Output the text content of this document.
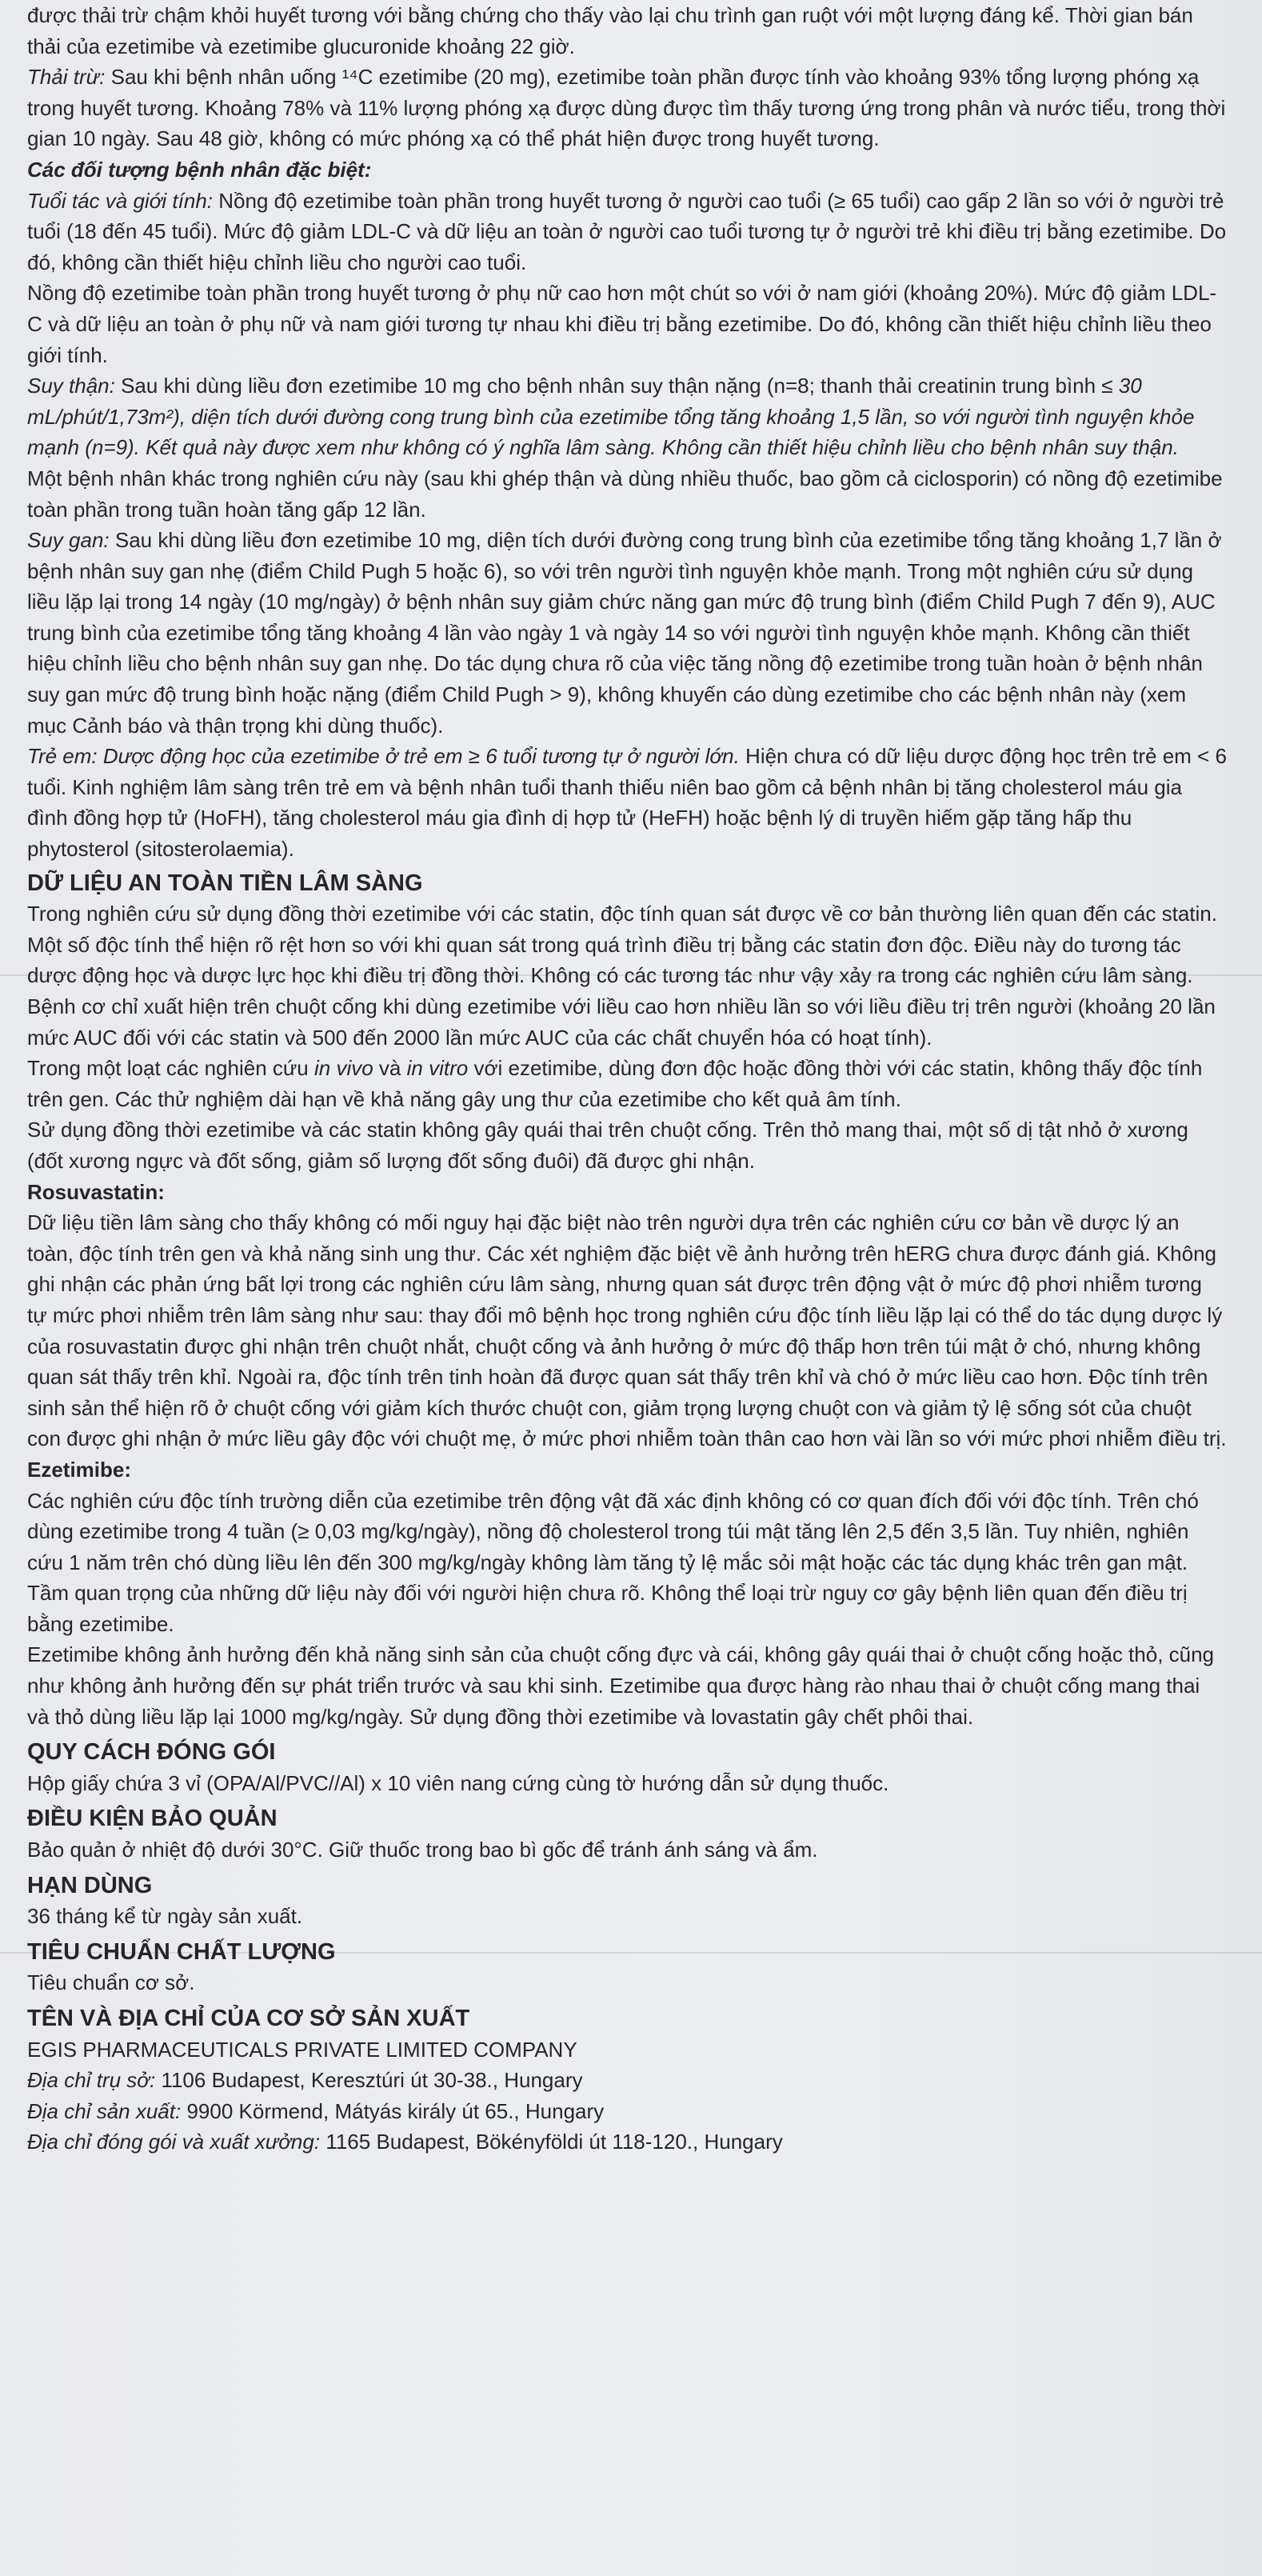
được thải trừ chậm khỏi huyết tương với bằng chứng cho thấy vào lại chu trình gan ruột với một lượng đáng kể. Thời gian bán thải của ezetimibe và ezetimibe glucuronide khoảng 22 giờ.

Thải trừ: Sau khi bệnh nhân uống ¹⁴C ezetimibe (20 mg), ezetimibe toàn phần được tính vào khoảng 93% tổng lượng phóng xạ trong huyết tương. Khoảng 78% và 11% lượng phóng xạ được dùng được tìm thấy tương ứng trong phân và nước tiểu, trong thời gian 10 ngày. Sau 48 giờ, không có mức phóng xạ có thể phát hiện được trong huyết tương.

Các đối tượng bệnh nhân đặc biệt:

Tuổi tác và giới tính: Nồng độ ezetimibe toàn phần trong huyết tương ở người cao tuổi (≥ 65 tuổi) cao gấp 2 lần so với ở người trẻ tuổi (18 đến 45 tuổi). Mức độ giảm LDL-C và dữ liệu an toàn ở người cao tuổi tương tự ở người trẻ khi điều trị bằng ezetimibe. Do đó, không cần thiết hiệu chỉnh liều cho người cao tuổi.

Nồng độ ezetimibe toàn phần trong huyết tương ở phụ nữ cao hơn một chút so với ở nam giới (khoảng 20%). Mức độ giảm LDL-C và dữ liệu an toàn ở phụ nữ và nam giới tương tự nhau khi điều trị bằng ezetimibe. Do đó, không cần thiết hiệu chỉnh liều theo giới tính.

Suy thận: Sau khi dùng liều đơn ezetimibe 10 mg cho bệnh nhân suy thận nặng (n=8; thanh thải creatinin trung bình ≤ 30 mL/phút/1,73m²), diện tích dưới đường cong trung bình của ezetimibe tổng tăng khoảng 1,5 lần, so với người tình nguyện khỏe mạnh (n=9). Kết quả này được xem như không có ý nghĩa lâm sàng. Không cần thiết hiệu chỉnh liều cho bệnh nhân suy thận.

Một bệnh nhân khác trong nghiên cứu này (sau khi ghép thận và dùng nhiều thuốc, bao gồm cả ciclosporin) có nồng độ ezetimibe toàn phần trong tuần hoàn tăng gấp 12 lần.

Suy gan: Sau khi dùng liều đơn ezetimibe 10 mg, diện tích dưới đường cong trung bình của ezetimibe tổng tăng khoảng 1,7 lần ở bệnh nhân suy gan nhẹ (điểm Child Pugh 5 hoặc 6), so với trên người tình nguyện khỏe mạnh. Trong một nghiên cứu sử dụng liều lặp lại trong 14 ngày (10 mg/ngày) ở bệnh nhân suy giảm chức năng gan mức độ trung bình (điểm Child Pugh 7 đến 9), AUC trung bình của ezetimibe tổng tăng khoảng 4 lần vào ngày 1 và ngày 14 so với người tình nguyện khỏe mạnh. Không cần thiết hiệu chỉnh liều cho bệnh nhân suy gan nhẹ. Do tác dụng chưa rõ của việc tăng nồng độ ezetimibe trong tuần hoàn ở bệnh nhân suy gan mức độ trung bình hoặc nặng (điểm Child Pugh > 9), không khuyến cáo dùng ezetimibe cho các bệnh nhân này (xem mục Cảnh báo và thận trọng khi dùng thuốc).

Trẻ em: Dược động học của ezetimibe ở trẻ em ≥ 6 tuổi tương tự ở người lớn. Hiện chưa có dữ liệu dược động học trên trẻ em < 6 tuổi. Kinh nghiệm lâm sàng trên trẻ em và bệnh nhân tuổi thanh thiếu niên bao gồm cả bệnh nhân bị tăng cholesterol máu gia đình đồng hợp tử (HoFH), tăng cholesterol máu gia đình dị hợp tử (HeFH) hoặc bệnh lý di truyền hiếm gặp tăng hấp thu phytosterol (sitosterolaemia).

DỮ LIỆU AN TOÀN TIỀN LÂM SÀNG

Trong nghiên cứu sử dụng đồng thời ezetimibe với các statin, độc tính quan sát được về cơ bản thường liên quan đến các statin. Một số độc tính thể hiện rõ rệt hơn so với khi quan sát trong quá trình điều trị bằng các statin đơn độc. Điều này do tương tác dược động học và dược lực học khi điều trị đồng thời. Không có các tương tác như vậy xảy ra trong các nghiên cứu lâm sàng. Bệnh cơ chỉ xuất hiện trên chuột cống khi dùng ezetimibe với liều cao hơn nhiều lần so với liều điều trị trên người (khoảng 20 lần mức AUC đối với các statin và 500 đến 2000 lần mức AUC của các chất chuyển hóa có hoạt tính).

Trong một loạt các nghiên cứu in vivo và in vitro với ezetimibe, dùng đơn độc hoặc đồng thời với các statin, không thấy độc tính trên gen. Các thử nghiệm dài hạn về khả năng gây ung thư của ezetimibe cho kết quả âm tính.

Sử dụng đồng thời ezetimibe và các statin không gây quái thai trên chuột cống. Trên thỏ mang thai, một số dị tật nhỏ ở xương (đốt xương ngực và đốt sống, giảm số lượng đốt sống đuôi) đã được ghi nhận.

Rosuvastatin:

Dữ liệu tiền lâm sàng cho thấy không có mối nguy hại đặc biệt nào trên người dựa trên các nghiên cứu cơ bản về dược lý an toàn, độc tính trên gen và khả năng sinh ung thư. Các xét nghiệm đặc biệt về ảnh hưởng trên hERG chưa được đánh giá. Không ghi nhận các phản ứng bất lợi trong các nghiên cứu lâm sàng, nhưng quan sát được trên động vật ở mức độ phơi nhiễm tương tự mức phơi nhiễm trên lâm sàng như sau: thay đổi mô bệnh học trong nghiên cứu độc tính liều lặp lại có thể do tác dụng dược lý của rosuvastatin được ghi nhận trên chuột nhắt, chuột cống và ảnh hưởng ở mức độ thấp hơn trên túi mật ở chó, nhưng không quan sát thấy trên khỉ. Ngoài ra, độc tính trên tinh hoàn đã được quan sát thấy trên khỉ và chó ở mức liều cao hơn. Độc tính trên sinh sản thể hiện rõ ở chuột cống với giảm kích thước chuột con, giảm trọng lượng chuột con và giảm tỷ lệ sống sót của chuột con được ghi nhận ở mức liều gây độc với chuột mẹ, ở mức phơi nhiễm toàn thân cao hơn vài lần so với mức phơi nhiễm điều trị.

Ezetimibe:

Các nghiên cứu độc tính trường diễn của ezetimibe trên động vật đã xác định không có cơ quan đích đối với độc tính. Trên chó dùng ezetimibe trong 4 tuần (≥ 0,03 mg/kg/ngày), nồng độ cholesterol trong túi mật tăng lên 2,5 đến 3,5 lần. Tuy nhiên, nghiên cứu 1 năm trên chó dùng liều lên đến 300 mg/kg/ngày không làm tăng tỷ lệ mắc sỏi mật hoặc các tác dụng khác trên gan mật. Tầm quan trọng của những dữ liệu này đối với người hiện chưa rõ. Không thể loại trừ nguy cơ gây bệnh liên quan đến điều trị bằng ezetimibe.

Ezetimibe không ảnh hưởng đến khả năng sinh sản của chuột cống đực và cái, không gây quái thai ở chuột cống hoặc thỏ, cũng như không ảnh hưởng đến sự phát triển trước và sau khi sinh. Ezetimibe qua được hàng rào nhau thai ở chuột cống mang thai và thỏ dùng liều lặp lại 1000 mg/kg/ngày. Sử dụng đồng thời ezetimibe và lovastatin gây chết phôi thai.

QUY CÁCH ĐÓNG GÓI

Hộp giấy chứa 3 vỉ (OPA/Al/PVC//Al) x 10 viên nang cứng cùng tờ hướng dẫn sử dụng thuốc.

ĐIỀU KIỆN BẢO QUẢN

Bảo quản ở nhiệt độ dưới 30°C. Giữ thuốc trong bao bì gốc để tránh ánh sáng và ẩm.

HẠN DÙNG

36 tháng kể từ ngày sản xuất.

TIÊU CHUẨN CHẤT LƯỢNG

Tiêu chuẩn cơ sở.

TÊN VÀ ĐỊA CHỈ CỦA CƠ SỞ SẢN XUẤT

EGIS PHARMACEUTICALS PRIVATE LIMITED COMPANY

Địa chỉ trụ sở: 1106 Budapest, Keresztúri út 30-38., Hungary

Địa chỉ sản xuất: 9900 Körmend, Mátyás király út 65., Hungary

Địa chỉ đóng gói và xuất xưởng: 1165 Budapest, Bökényföldi út 118-120., Hungary
